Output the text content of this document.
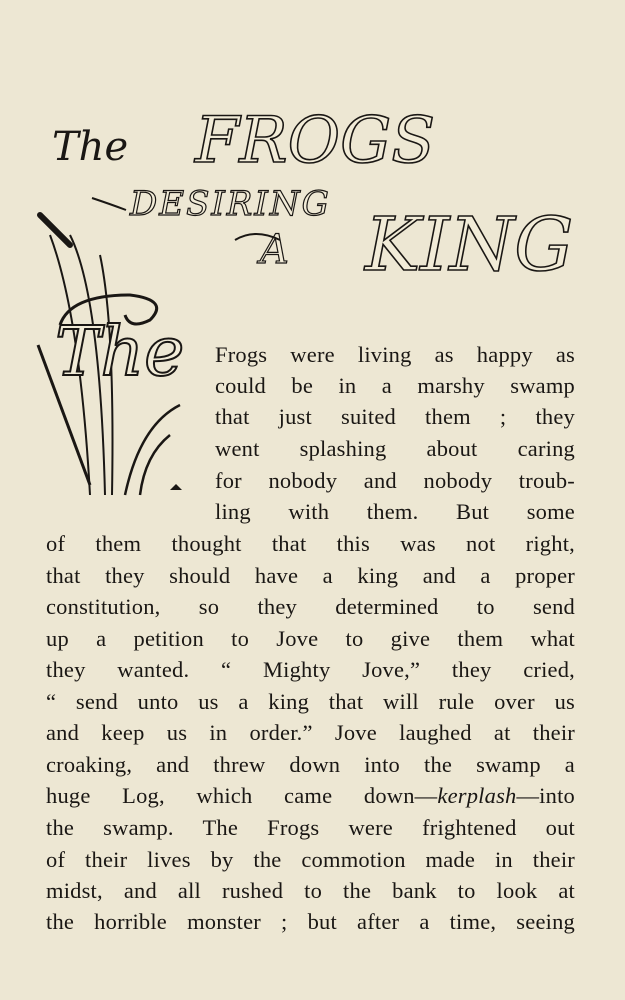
The FROGS
DESIRING
A KING
The Frogs were living as happy as
could be in a marshy swamp
that just suited them ; they
went splashing about caring
for nobody and nobody troub-
ling with them. But some
of them thought that this was not right,
that they should have a king and a proper
constitution, so they determined to send
up a petition to Jove to give them what
they wanted. “ Mighty Jove,” they cried,
“ send unto us a king that will rule over us
and keep us in order.” Jove laughed at their
croaking, and threw down into the swamp a
huge Log, which came down—kerplash—into
the swamp. The Frogs were frightened out
of their lives by the commotion made in their
midst, and all rushed to the bank to look at
the horrible monster ; but after a time, seeing
